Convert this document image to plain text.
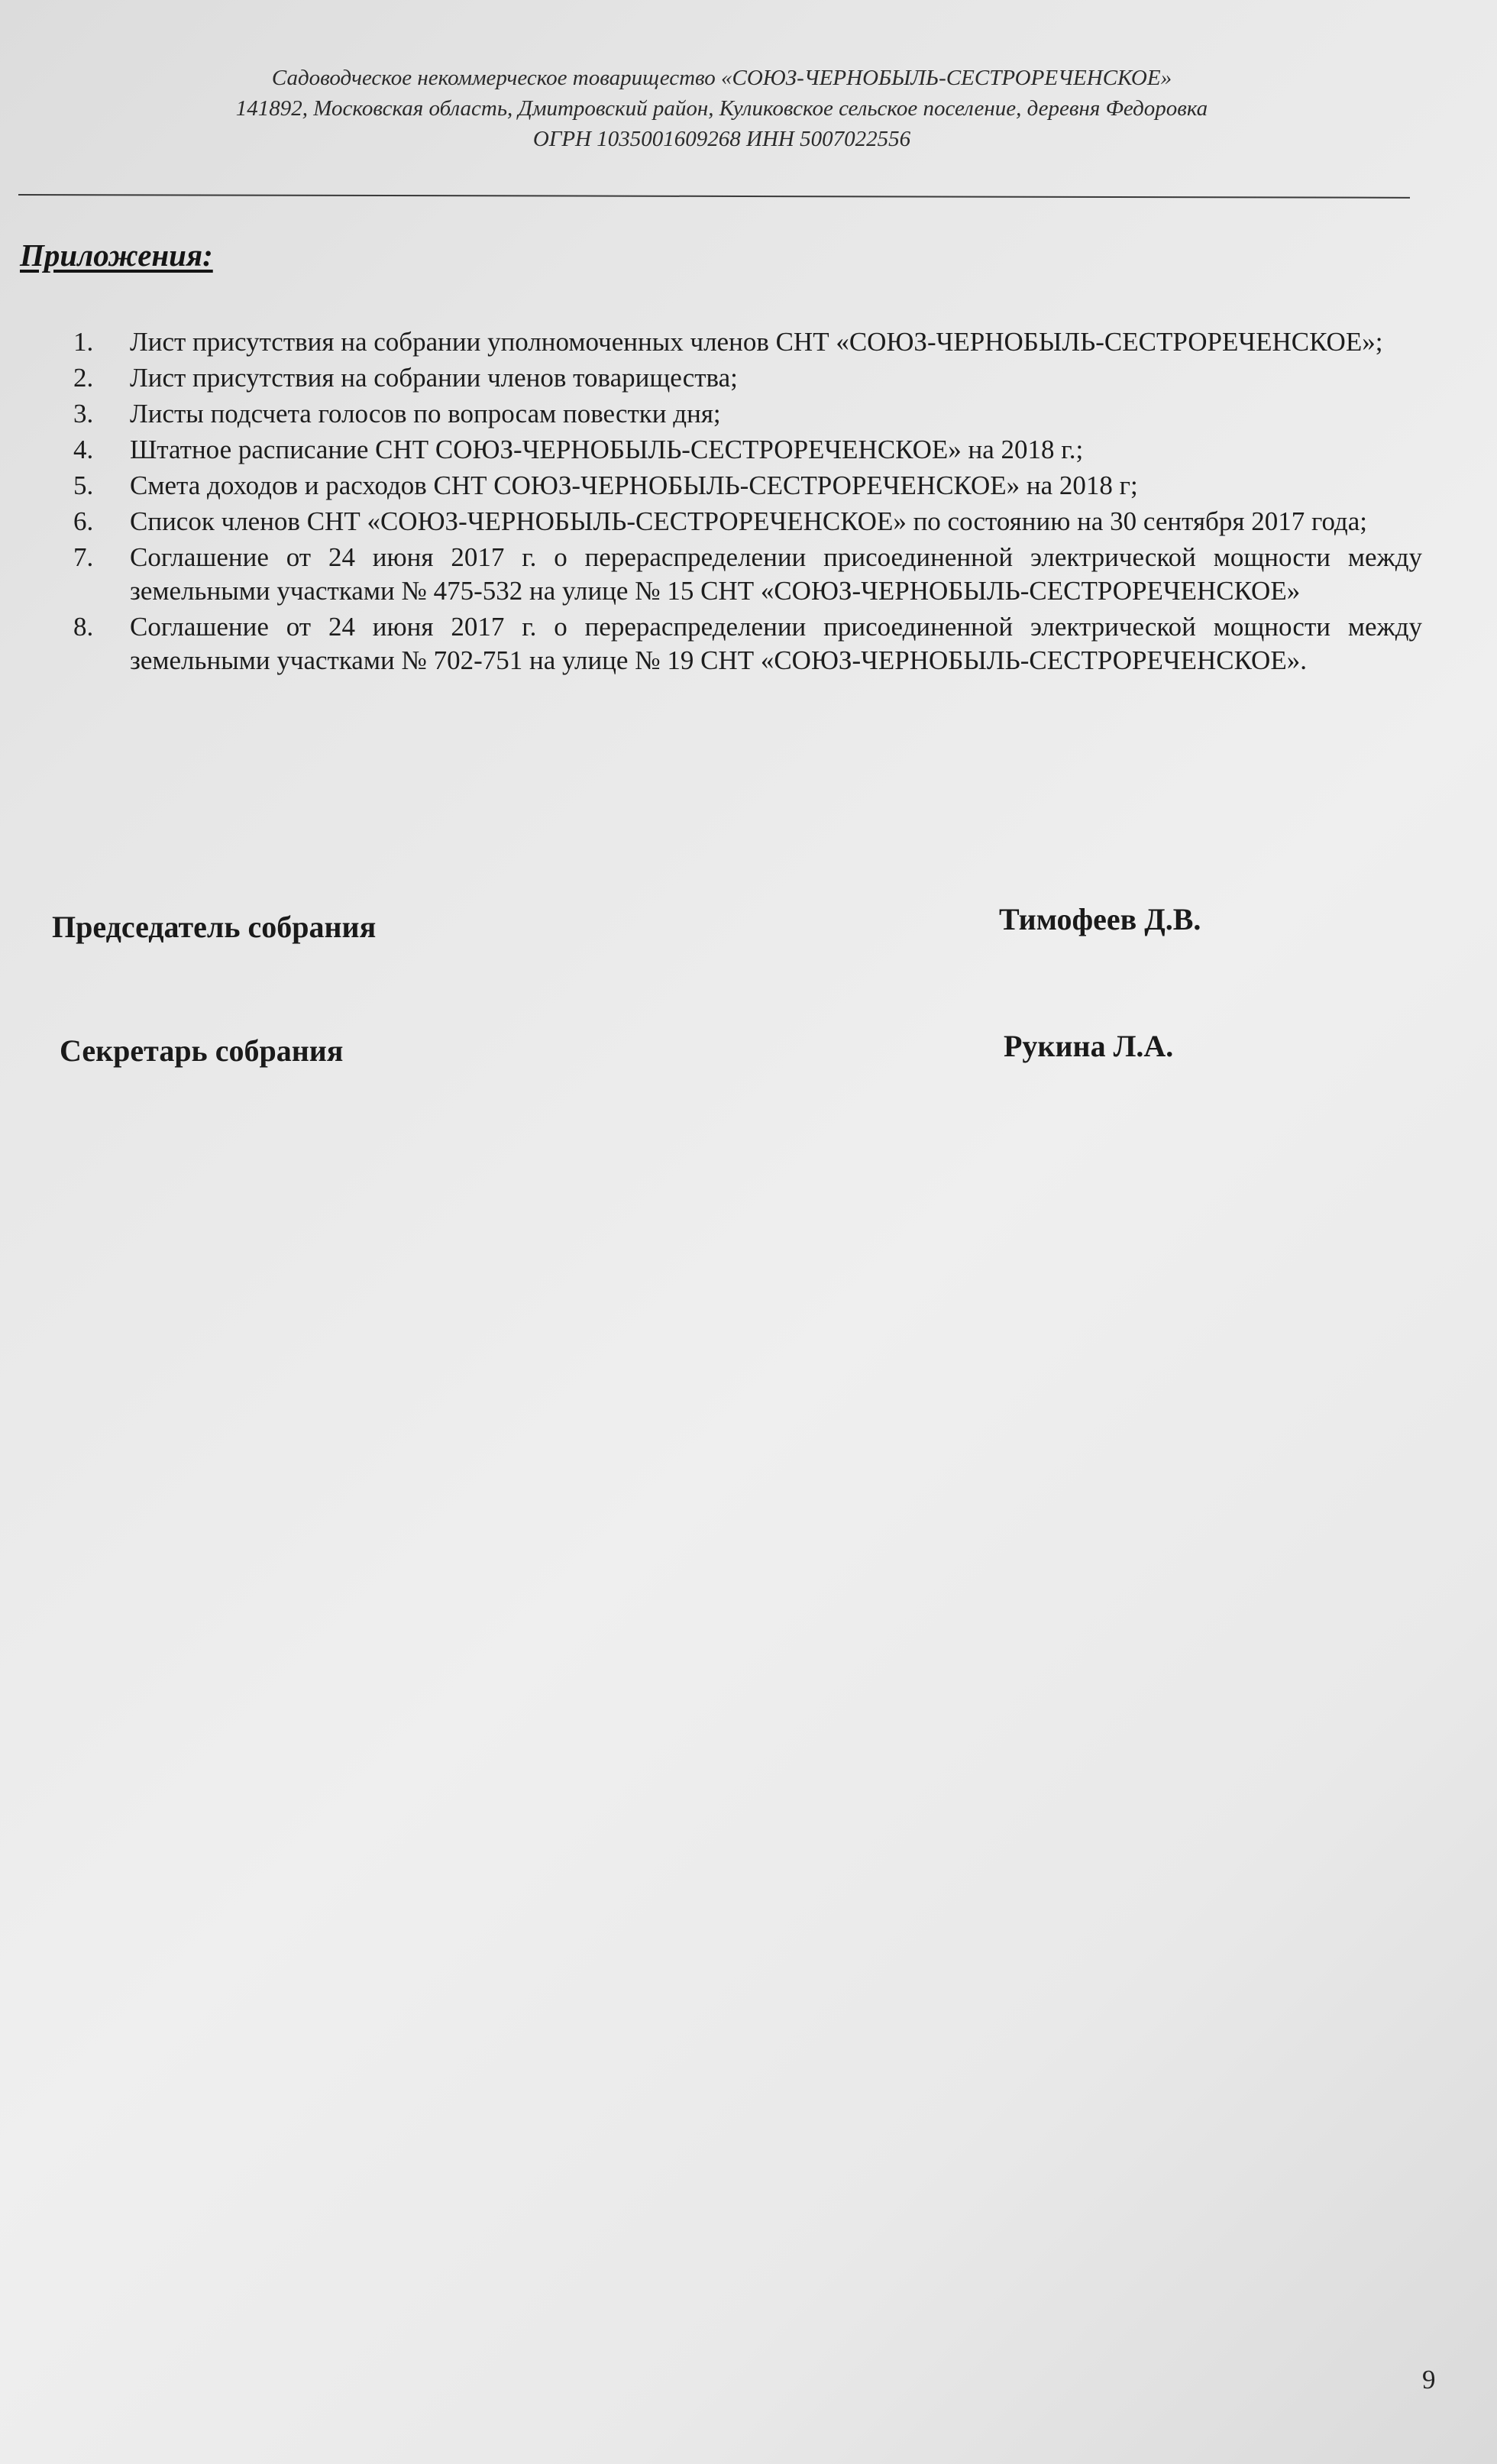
Садоводческое некоммерческое товарищество «СОЮЗ-ЧЕРНОБЫЛЬ-СЕСТРОРЕЧЕНСКОЕ»
141892, Московская область, Дмитровский район, Куликовское сельское поселение, деревня Федоровка
ОГРН 1035001609268 ИНН 5007022556
Приложения:
1.	Лист присутствия на собрании уполномоченных членов СНТ «СОЮЗ-ЧЕРНОБЫЛЬ-СЕСТРОРЕЧЕНСКОЕ»;
2.	Лист присутствия на собрании членов товарищества;
3.	Листы подсчета голосов по вопросам повестки дня;
4.	Штатное расписание СНТ СОЮЗ-ЧЕРНОБЫЛЬ-СЕСТРОРЕЧЕНСКОЕ» на 2018 г.;
5.	Смета доходов и расходов СНТ СОЮЗ-ЧЕРНОБЫЛЬ-СЕСТРОРЕЧЕНСКОЕ» на 2018 г;
6.	Список членов СНТ «СОЮЗ-ЧЕРНОБЫЛЬ-СЕСТРОРЕЧЕНСКОЕ» по состоянию на 30 сентября 2017 года;
7.	Соглашение от 24 июня 2017 г. о перераспределении присоединенной электрической мощности между земельными участками № 475-532 на улице № 15 СНТ «СОЮЗ-ЧЕРНОБЫЛЬ-СЕСТРОРЕЧЕНСКОЕ»
8.	Соглашение от 24 июня 2017 г. о перераспределении присоединенной электрической мощности между земельными участками № 702-751 на улице № 19 СНТ «СОЮЗ-ЧЕРНОБЫЛЬ-СЕСТРОРЕЧЕНСКОЕ».
Председатель собрания	Тимофеев Д.В.
Секретарь собрания	Рукина Л.А.
9
